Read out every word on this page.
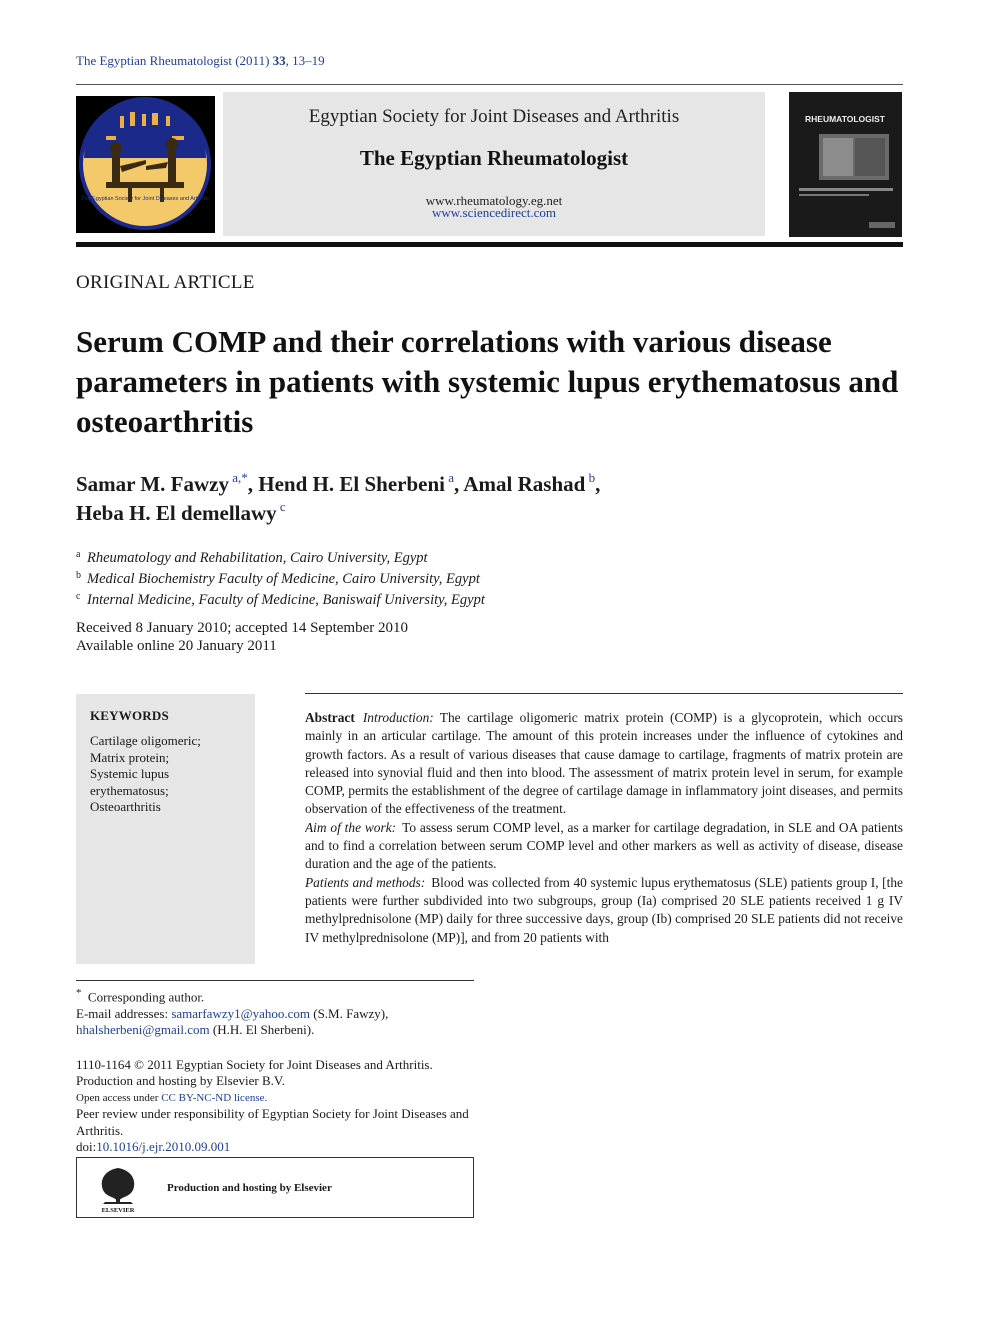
The Egyptian Rheumatologist (2011) 33, 13–19
The Egyptian Society for Joint Diseases and Arthritis
Egyptian Society for Joint Diseases and Arthritis
The Egyptian Rheumatologist
www.rheumatology.eg.net
www.sciencedirect.com
RHEUMATOLOGIST
ORIGINAL ARTICLE
Serum COMP and their correlations with various disease parameters in patients with systemic lupus erythematosus and osteoarthritis
Samar M. Fawzy $^{a,*}$, Hend H. El Sherbeni $^a$, Amal Rashad $^b$,
Heba H. El demellawy $^c$
a Rheumatology and Rehabilitation, Cairo University, Egypt
b Medical Biochemistry Faculty of Medicine, Cairo University, Egypt
c Internal Medicine, Faculty of Medicine, Baniswaif University, Egypt
Received 8 January 2010; accepted 14 September 2010
Available online 20 January 2011
KEYWORDS
Cartilage oligomeric;
Matrix protein;
Systemic lupus
erythematosus;
Osteoarthritis
Abstract Introduction: The cartilage oligomeric matrix protein (COMP) is a glycoprotein, which occurs mainly in an articular cartilage. The amount of this protein increases under the influence of cytokines and growth factors. As a result of various diseases that cause damage to cartilage, fragments of matrix protein are released into synovial fluid and then into blood. The assessment of matrix protein level in serum, for example COMP, permits the establishment of the degree of cartilage damage in inflammatory joint diseases, and permits observation of the effectiveness of the treatment.
Aim of the work: To assess serum COMP level, as a marker for cartilage degradation, in SLE and OA patients and to find a correlation between serum COMP level and other markers as well as activity of disease, disease duration and the age of the patients.
Patients and methods: Blood was collected from 40 systemic lupus erythematosus (SLE) patients group I, [the patients were further subdivided into two subgroups, group (Ia) comprised 20 SLE patients received 1 g IV methylprednisolone (MP) daily for three successive days, group (Ib) comprised 20 SLE patients did not receive IV methylprednisolone (MP)], and from 20 patients with
* Corresponding author.
E-mail addresses: samarfawzy1@yahoo.com (S.M. Fawzy),
hhalsherbeni@gmail.com (H.H. El Sherbeni).
1110-1164 © 2011 Egyptian Society for Joint Diseases and Arthritis.
Production and hosting by Elsevier B.V.
Open access under CC BY-NC-ND license.
Peer review under responsibility of Egyptian Society for Joint Diseases and Arthritis.
doi:10.1016/j.ejr.2010.09.001
ELSEVIER
Production and hosting by Elsevier
